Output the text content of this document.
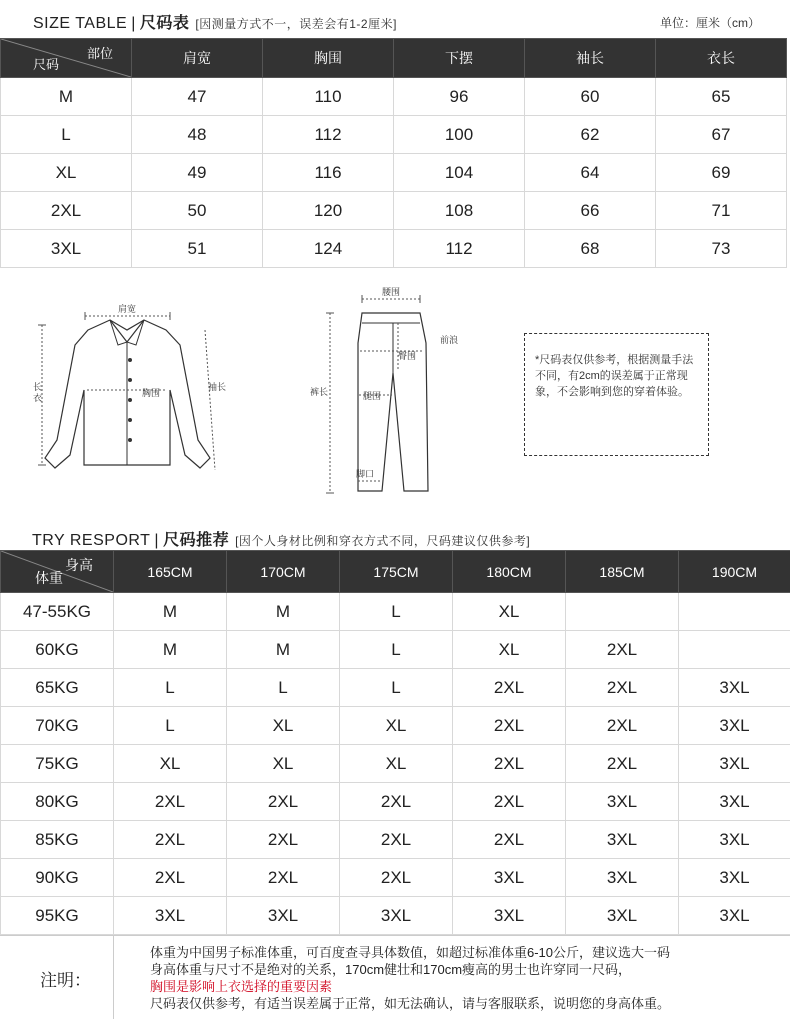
SIZE TABLE | 尺码表 [因测量方式不一，误差会有1-2厘米]	单位：厘米（cm）
部位
尺码	肩宽	胸围	下摆	袖长	衣长
M	47	110	96	60	65
L	48	112	100	62	67
XL	49	116	104	64	69
2XL	50	120	108	66	71
3XL	51	124	112	68	73
肩宽
长衣
袖长
胸围
腰围
裤长
前浪
臀围
腿围
脚口

*尺码表仅供参考，根据测量手法不同，有2cm的误差属于正常现象，不会影响到您的穿着体验。

TRY RESPORT | 尺码推荐 [因个人身材比例和穿衣方式不同，尺码建议仅供参考]
身高
体重	165CM	170CM	175CM	180CM	185CM	190CM
47-55KG	M	M	L	XL		
60KG	M	M	L	XL	2XL	
65KG	L	L	L	2XL	2XL	3XL
70KG	L	XL	XL	2XL	2XL	3XL
75KG	XL	XL	XL	2XL	2XL	3XL
80KG	2XL	2XL	2XL	2XL	3XL	3XL
85KG	2XL	2XL	2XL	2XL	3XL	3XL
90KG	2XL	2XL	2XL	3XL	3XL	3XL
95KG	3XL	3XL	3XL	3XL	3XL	3XL
注明：
体重为中国男子标准体重，可百度查寻具体数值，如超过标准体重6-10公斤，建议选大一码
身高体重与尺寸不是绝对的关系，170cm健壮和170cm瘦高的男士也许穿同一尺码，
胸围是影响上衣选择的重要因素
尺码表仅供参考，有适当误差属于正常，如无法确认，请与客服联系，说明您的身高体重。
